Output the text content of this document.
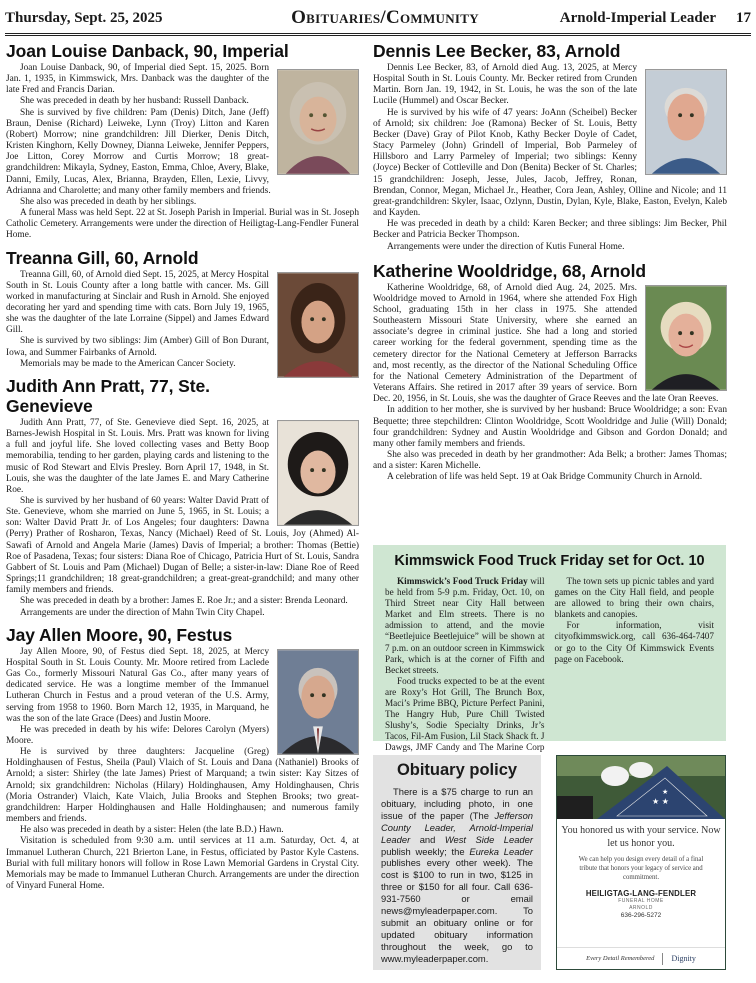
Thursday, Sept. 25, 2025	Obituaries/Community	Arnold-Imperial Leader 17
Joan Louise Danback, 90, Imperial

Joan Louise Danback, 90, of Imperial died Sept. 15, 2025. Born Jan. 1, 1935, in Kimmswick, Mrs. Danback was the daughter of the late Fred and Francis Darian.

She was preceded in death by her husband: Russell Danback.

She is survived by five children: Pam (Denis) Ditch, Jane (Jeff) Braun, Denise (Richard) Leiweke, Lynn (Troy) Litton and Karen (Robert) Morrow; nine grandchildren: Jill Dierker, Denis Ditch, Kristen Kinghorn, Kelly Downey, Dianna Leiweke, Jennifer Peppers, Joe Litton, Corey Morrow and Curtis Morrow; 18 great-grandchildren: Mikayla, Sydney, Easton, Emma, Chloe, Avery, Blake, Danni, Emily, Lucas, Alex, Brianna, Brayden, Ellen, Lexie, Livvy, Adrianna and Charolette; and many other family members and friends.

She also was preceded in death by her siblings.

A funeral Mass was held Sept. 22 at St. Joseph Parish in Imperial. Burial was in St. Joseph Catholic Cemetery. Arrangements were under the direction of Heiligtag-Lang-Fendler Funeral Home.

Treanna Gill, 60, Arnold

Treanna Gill, 60, of Arnold died Sept. 15, 2025, at Mercy Hospital South in St. Louis County after a long battle with cancer. Ms. Gill worked in manufacturing at Sinclair and Rush in Arnold. She enjoyed decorating her yard and spending time with cats. Born July 19, 1965, she was the daughter of the late Lorraine (Sippel) and James Edward Gill.

She is survived by two siblings: Jim (Amber) Gill of Bon Durant, Iowa, and Summer Fairbanks of Arnold.

Memorials may be made to the American Cancer Society.

Judith Ann Pratt, 77, Ste. Genevieve

Judith Ann Pratt, 77, of Ste. Genevieve died Sept. 16, 2025, at Barnes-Jewish Hospital in St. Louis. Mrs. Pratt was known for living a full and joyful life. She loved collecting vases and Betty Boop memorabilia, tending to her garden, playing cards and listening to the music of Rod Stewart and Elvis Presley. Born April 17, 1948, in St. Louis, she was the daughter of the late James E. and Mary Catherine Roe.

She is survived by her husband of 60 years: Walter David Pratt of Ste. Genevieve, whom she married on June 5, 1965, in St. Louis; a son: Walter David Pratt Jr. of Los Angeles; four daughters: Dawna (Perry) Prather of Rosharon, Texas, Nancy (Michael) Reed of St. Louis, Joy (Ahmed) Al-Sawafi of Arnold and Angela Marie (James) Davis of Imperial; a brother: Thomas (Bettie) Roe of Pasadena, Texas; four sisters: Diana Roe of Chicago, Patricia Hurt of St. Louis, Sandra Gabbert of St. Louis and Pam (Michael) Dugan of Belle; a sister-in-law: Diane Roe of Reed Springs;11 grandchildren; 18 great-grandchildren; a great-great-grandchild; and many other family members and friends.

She was preceded in death by a brother: James E. Roe Jr.; and a sister: Brenda Leonard.

Arrangements are under the direction of Mahn Twin City Chapel.

Jay Allen Moore, 90, Festus

Jay Allen Moore, 90, of Festus died Sept. 18, 2025, at Mercy Hospital South in St. Louis County. Mr. Moore retired from Laclede Gas Co., formerly Missouri Natural Gas Co., after many years of dedicated service. He was a longtime member of the Immanuel Lutheran Church in Festus and a proud veteran of the U.S. Army, serving from 1958 to 1960. Born March 12, 1935, in Marquand, he was the son of the late Grace (Dees) and Justin Moore.

He was preceded in death by his wife: Delores Carolyn (Myers) Moore.

He is survived by three daughters: Jacqueline (Greg) Holdinghausen of Festus, Sheila (Paul) Vlaich of St. Louis and Dana (Nathaniel) Brooks of Arnold; a sister: Shirley (the late James) Priest of Marquand; a twin sister: Kay Sitzes of Arnold; six grandchildren: Nicholas (Hilary) Holdinghausen, Amy Holdinghausen, Chris (Moria Ostrander) Vlaich, Kate Vlaich, Julia Brooks and Stephen Brooks; two great-grandchildren: Harper Holdinghausen and Halle Holdinghausen; and numerous family members and friends.

He also was preceded in death by a sister: Helen (the late B.D.) Hawn.

Visitation is scheduled from 9:30 a.m. until services at 11 a.m. Saturday, Oct. 4, at Immanuel Lutheran Church, 221 Brierton Lane, in Festus, officiated by Pastor Kyle Castens. Burial with full military honors will follow in Rose Lawn Memorial Gardens in Crystal City. Memorials may be made to Immanuel Lutheran Church. Arrangements are under the direction of Vinyard Funeral Home.

Dennis Lee Becker, 83, Arnold

Dennis Lee Becker, 83, of Arnold died Aug. 13, 2025, at Mercy Hospital South in St. Louis County. Mr. Becker retired from Crunden Martin. Born Jan. 19, 1942, in St. Louis, he was the son of the late Lucile (Hummel) and Oscar Becker.

He is survived by his wife of 47 years: JoAnn (Scheibel) Becker of Arnold; six children: Joe (Ramona) Becker of St. Louis, Betty Becker (Dave) Gray of Pilot Knob, Kathy Becker Doyle of Cadet, Stacy Parmeley (John) Grindell of Imperial, Bob Parmeley of Hillsboro and Larry Parmeley of Imperial; two siblings: Kenny (Joyce) Becker of Cottleville and Don (Benita) Becker of St. Charles; 15 grandchildren: Joseph, Jesse, Jules, Jacob, Jeffrey, Ronan, Brendan, Connor, Megan, Michael Jr., Heather, Cora Jean, Ashley, Olline and Nicole; and 11 great-grandchildren: Skyler, Isaac, Ozlynn, Dustin, Dylan, Kyle, Blake, Easton, Evelyn, Kaleb and Kayden.

He was preceded in death by a child: Karen Becker; and three siblings: Jim Becker, Phil Becker and Patricia Becker Thompson.

Arrangements were under the direction of Kutis Funeral Home.

Katherine Wooldridge, 68, Arnold

Katherine Wooldridge, 68, of Arnold died Aug. 24, 2025. Mrs. Wooldridge moved to Arnold in 1964, where she attended Fox High School, graduating 15th in her class in 1975. She attended Southeastern Missouri State University, where she earned an associate’s degree in criminal justice. She had a long and storied career working for the federal government, spending time as the cemetery director for the National Cemetery at Jefferson Barracks and, most recently, as the director of the National Scheduling Office for the National Cemetery Administration of the Department of Veterans Affairs. She retired in 2017 after 39 years of service. Born Dec. 20, 1956, in St. Louis, she was the daughter of Grace Reeves and the late Oran Reeves.

In addition to her mother, she is survived by her husband: Bruce Wooldridge; a son: Evan Bequette; three stepchildren: Clinton Wooldridge, Scott Wooldridge and Julie (Will) Donald; four grandchildren: Sydney and Austin Wooldridge and Gibson and Gordon Donald; and many other family members and friends.

She also was preceded in death by her grandmother: Ada Belk; a brother: James Thomas; and a sister: Karen Michelle.

A celebration of life was held Sept. 19 at Oak Bridge Community Church in Arnold.

Kimmswick Food Truck Friday set for Oct. 10

Kimmswick’s Food Truck Friday will be held from 5-9 p.m. Friday, Oct. 10, on Third Street near City Hall between Market and Elm streets. There is no admission to attend, and the movie “Beetlejuice Beetlejuice” will be shown at 7 p.m. on an outdoor screen in Kimmswick Park, which is at the corner of Fifth and Becket streets.

Food trucks expected to be at the event are Roxy’s Hot Grill, The Brunch Box, Maci’s Prime BBQ, Picture Perfect Panini, The Hangry Hub, Pure Chill Twisted Slushy’s, Sodie Specialty Drinks, Jr’s Tacos, Fil-Am Fusion, Lil Stack Shack ft. J Dawgs, JMF Candy and The Marine Corp

The town sets up picnic tables and yard games on the City Hall field, and people are allowed to bring their own chairs, blankets and canopies.

For information, visit cityofkimmswick.org, call 636-464-7407 or go to the City Of Kimmswick Events page on Facebook.

Obituary policy

There is a $75 charge to run an obituary, including photo, in one issue of the paper (The Jefferson County Leader, Arnold-Imperial Leader and West Side Leader publish weekly; the Eureka Leader publishes every other week). The cost is $100 to run in two, $125 in three or $150 for all four. Call 636-931-7560 or email news@myleaderpaper.com. To submit an obituary online or for updated obituary information throughout the week, go to www.myleaderpaper.com.

★ ★
★
You honored us with your service. Now let us honor you.
We can help you design every detail of a final tribute that honors your legacy of service and commitment.
HEILIGTAG-LANG-FENDLER
FUNERAL HOME
ARNOLD
636-296-5272
Every Detail Remembered Dignity
